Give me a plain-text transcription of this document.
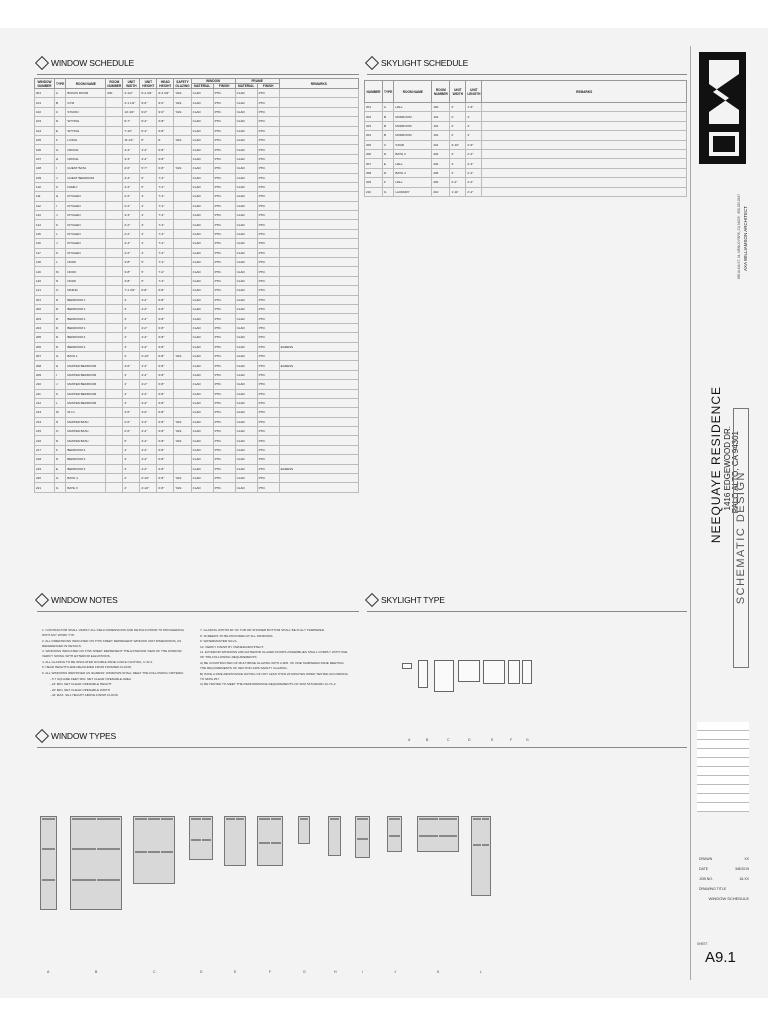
WINDOW SCHEDULE
WINDOW NUMBER	TYPE	ROOM NAME	ROOM NUMBER	UNIT WIDTH	UNIT HEIGHT	HEAD HEIGHT	SAFETY GLAZING	WINDOW		FRAME		REMARKS
								MATERIAL	FINISH	MATERIAL	FINISH	
001	A	BONUS ROOM	000	3'-1/2"	9'-4 3/4"	9'-4 3/4"	YES	CLAD	PTD.	CLAD	PTD.	
101	B	GYM		3'-1 1/2"	9'-6"	9'-6"	YES	CLAD	PTD.	CLAD	PTD.	
102	C	STUDIO		14'-3/4"	9'-6"	9'-6"	YES	CLAD	PTD.	CLAD	PTD.	
103	D	SITTING		9'-7"	6'-2"	6'-8"		CLAD	PTD.	CLAD	PTD.	
104	E	SITTING		7'-10"	6'-4"	6'-8"		CLAD	PTD.	CLAD	PTD.	
105	F	LIVING		11'-10"	8'	8'	YES	CLAD	PTD.	CLAD	PTD.	
106	G	OFFICE		4'-4"	4'-2"	6'-8"		CLAD	PTD.	CLAD	PTD.	
107	H	OFFICE		4'-4"	4'-2"	6'-8"		CLAD	PTD.	CLAD	PTD.	
108	I	GUEST BATH		2'-6"	5'-7"	6'-8"	YES	CLAD	PTD.	CLAD	PTD.	
109	J	GUEST BEDROOM		4'-4"	5'	7'-4"		CLAD	PTD.	CLAD	PTD.	
110	K	FAMILY		4'-4"	5'	7'-4"		CLAD	PTD.	CLAD	PTD.	
111	H	KITCHEN		2'-2"	4'	7'-4"		CLAD	PTD.	CLAD	PTD.	
112	I	KITCHEN		2'-2"	4'	7'-4"		CLAD	PTD.	CLAD	PTD.	
113	J	KITCHEN		4'-4"	4'	7'-4"		CLAD	PTD.	CLAD	PTD.	
114	K	KITCHEN		2'-2"	4'	7'-4"		CLAD	PTD.	CLAD	PTD.	
115	L	KITCHEN		2'-2"	4'	7'-4"		CLAD	PTD.	CLAD	PTD.	
116	J	KITCHEN		4'-4"	4'	7'-4"		CLAD	PTD.	CLAD	PTD.	
117	K	KITCHEN		2'-2"	4'	7'-4"		CLAD	PTD.	CLAD	PTD.	
118	L	NOOK		3'-8"	5'	7'-4"		CLAD	PTD.	CLAD	PTD.	
119	M	NOOK		3'-8"	5'	7'-4"		CLAD	PTD.	CLAD	PTD.	
120	N	NOOK		3'-8"	5'	7'-4"		CLAD	PTD.	CLAD	PTD.	
121	O	DINING		7'-1 3/4"	6'-8"	6'-8"		CLAD	PTD.	CLAD	PTD.	
201	D	BEDROOM 1		4'	4'-2"	6'-8"		CLAD	PTD.	CLAD	PTD.	
202	D	BEDROOM 1		4'	4'-2"	6'-8"		CLAD	PTD.	CLAD	PTD.	
203	D	BEDROOM 1		4'	4'-2"	6'-8"		CLAD	PTD.	CLAD	PTD.	
204	D	BEDROOM 2		4'	4'-2"	6'-8"		CLAD	PTD.	CLAD	PTD.	
205	D	BEDROOM 2		4'	4'-2"	6'-8"		CLAD	PTD.	CLAD	PTD.	
206	D	BEDROOM 2		4'	4'-2"	6'-8"		CLAD	PTD.	CLAD	PTD.	EGRESS
207	G	BATH 1		2'	2'-10"	6'-8"	YES	CLAD	PTD.	CLAD	PTD.	
208	H	MASTER BEDROOM		4'-6"	4'-2"	6'-8"		CLAD	PTD.	CLAD	PTD.	EGRESS
209	I	MASTER BEDROOM		4'	4'-2"	6'-8"		CLAD	PTD.	CLAD	PTD.	
210	J	MASTER BEDROOM		4'	4'-2"	6'-8"		CLAD	PTD.	CLAD	PTD.	
211	K	MASTER BEDROOM		4'	4'-2"	6'-8"		CLAD	PTD.	CLAD	PTD.	
212	L	MASTER BEDROOM		4'	4'-2"	6'-8"		CLAD	PTD.	CLAD	PTD.	
213	M	W.I.C.		3'-6"	3'-0"	6'-8"		CLAD	PTD.	CLAD	PTD.	
214	N	MASTER BATH		2'-6"	4'-2"	6'-8"	YES	CLAD	PTD.	CLAD	PTD.	
215	O	MASTER BATH		2'-6"	4'-2"	6'-8"	YES	CLAD	PTD.	CLAD	PTD.	
216	D	MASTER BATH		5'	4'-2"	6'-8"	YES	CLAD	PTD.	CLAD	PTD.	
217	F	BEDROOM 3		4'	4'-2"	6'-8"		CLAD	PTD.	CLAD	PTD.	
218	D	BEDROOM 3		4'	4'-2"	6'-8"		CLAD	PTD.	CLAD	PTD.	
219	E	BEDROOM 3		4'	4'-2"	6'-8"		CLAD	PTD.	CLAD	PTD.	EGRESS
220	G	BATH 4		2'	2'-10"	6'-8"	YES	CLAD	PTD.	CLAD	PTD.	
221	G	BATH 3		2'	2'-10"	6'-8"	YES	CLAD	PTD.	CLAD	PTD.	
SKYLIGHT SCHEDULE
NUMBER	TYPE	ROOM NAME	ROOM NUMBER	UNIT WIDTH	UNIT LENGTH	REMARKS
201	A	HALL	100	2'	1'-6"	
202	B	MUDROOM	101	2'	4'	
203	B	MUDROOM	101	2'	4'	
204	B	MUDROOM	101	2'	4'	
205	C	STAIR	201	3'-10"	2'-9"	
206	D	BATH 3	204	4'	2'-2"	
207	E	HALL	202	4'	2'-4"	
208	D	BATH 4	206	4'	2'-2"	
209	F	HALL	202	2'-2"	2'-4"	
210	G	LAUNDRY	210	1'-11"	2'-2"	
WINDOW NOTES

1. CONTRACTOR SHALL VERIFY ALL FIELD DIMENSIONS AND DETAILS PRIOR TO PROCEEDING WITH ANY WORK TYP.

2. ALL DIMENSIONS INDICATED ON THIS SHEET REPRESENT WINDOW UNIT DIMENSIONS, AS REFERENCED IN DETAILS.

3. WINDOWS INDICATED ON THIS SHEET REPRESENT THE EXTERIOR VIEW OF THE WINDOW. VERIFY SWING WITH EXTERIOR ELEVATIONS.

4. ALL GLAZING TO BE INSULATED DOUBLE PANE LOW-E COATING, U.32 4.

5. HEAD HEIGHTS ARE MEASURED FROM FINISHED FLOOR.

6. ALL WINDOWS IDENTIFIED AS 'EGRESS' WINDOWS SHALL MEET THE FOLLOWING CRITERIA:

- 5.7 SQUARE FEET MIN. NET CLEAR OPENABLE AREA

- 24' MIN. NET CLEAR OPENABLE HEIGHT

- 20' MIN. NET CLEAR OPENABLE WIDTH

- 44' MAX. SILL HEIGHT ABOVE FINISH FLOOR

7. GLAZING WITHIN 60' OF TUB OR SHOWER BOTTOM SHALL BE FULLY TEMPERED.

8. SCREENS TO BE PROVIDED AT ALL WINDOWS.

9. WATERMASTER SILLS.

10. VERIFY FINISH BY OWNER/ARCHITECT.

11. EXTERIOR WINDOWS AND EXTERIOR GLAZED DOORS ASSEMBLIES SHALL COMPLY WITH ONE OF THE FOLLOWING REQUIREMENTS:

A) BE CONSTRUCTED OF MULTIPANE GLAZING WITH A MIN. OF ONE TEMPERED PANE MEETING THE REQUIREMENTS OF SECTION 2406 SAFETY GLAZING.

B) HAVE A FIRE-RESISTANCE RATING OF NOT LESS THAN 20 MINUTES WHEN TESTED ACCORDING TO NFPA 257.

C) BE TESTED TO MEET THE PERFORMANCE REQUIREMENTS OF SFM STANDARD 12-7A-2.

SKYLIGHT TYPE
A	B	C	D	E	F	G
WINDOW TYPES
A	B	C	D	E	F	G	H	I	J	K	L
AXA WILLIAMSON ARCHITECT
650 ALMA ST. #4, MENLO PARK, CA 94025 · 650.329.0347
NEEQUAYE RESIDENCE 1416 EDGEWOOD DR. PALO ALTO, CA 94301
SCHEMATIC DESIGN
DRAWN	XX
DATE	5/8/2019
JOB NO.	18-XX
DRAWING TITLE
WINDOW SCHEDULE
SHEET
A9.1
